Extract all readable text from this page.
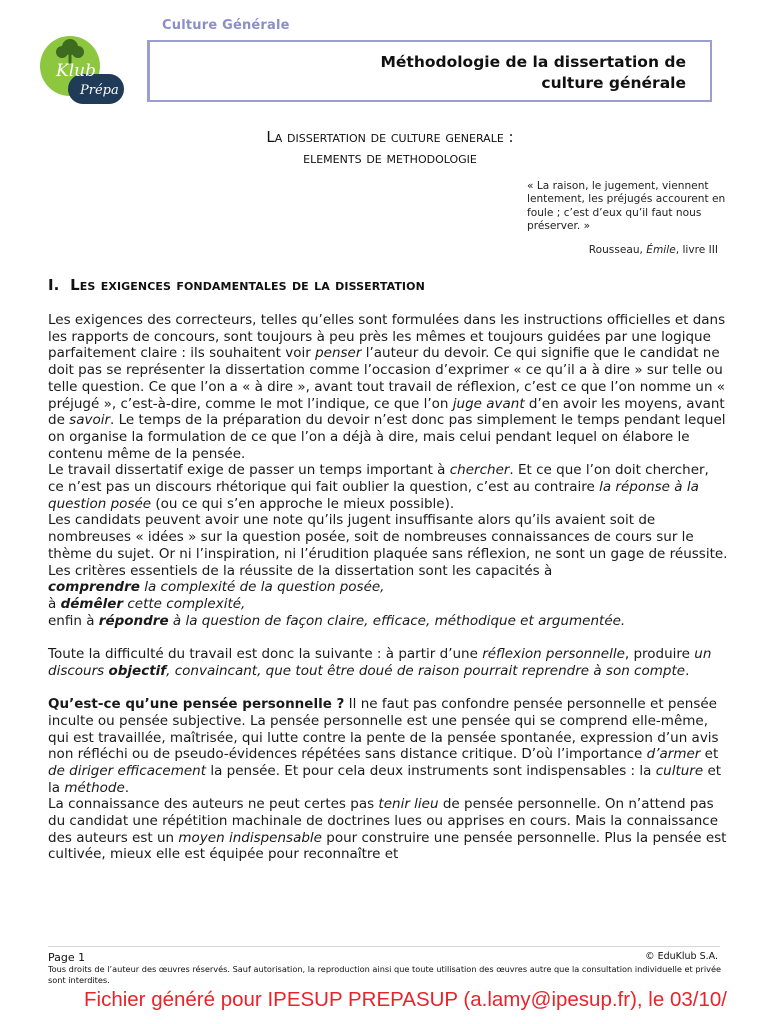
Culture Générale
Klub
Prépa
Méthodologie de la dissertation de
culture générale
La dissertation de culture generale :
elements de methodologie
« La raison, le jugement, viennent lentement, les préjugés accourent en foule ; c’est d’eux qu’il faut nous préserver. »
Rousseau, Émile, livre III
I. Les exigences fondamentales de la dissertation

Les exigences des correcteurs, telles qu’elles sont formulées dans les instructions officielles et dans les rapports de concours, sont toujours à peu près les mêmes et toujours guidées par une logique parfaitement claire : ils souhaitent voir penser l’auteur du devoir. Ce qui signifie que le candidat ne doit pas se représenter la dissertation comme l’occasion d’exprimer « ce qu’il a à dire » sur telle ou telle question. Ce que l’on a « à dire », avant tout travail de réflexion, c’est ce que l’on nomme un « préjugé », c’est-à-dire, comme le mot l’indique, ce que l’on juge avant d’en avoir les moyens, avant de savoir. Le temps de la préparation du devoir n’est donc pas simplement le temps pendant lequel on organise la formulation de ce que l’on a déjà à dire, mais celui pendant lequel on élabore le contenu même de la pensée.

Le travail dissertatif exige de passer un temps important à chercher. Et ce que l’on doit chercher, ce n’est pas un discours rhétorique qui fait oublier la question, c’est au contraire la réponse à la question posée (ou ce qui s’en approche le mieux possible).

Les candidats peuvent avoir une note qu’ils jugent insuffisante alors qu’ils avaient soit de nombreuses « idées » sur la question posée, soit de nombreuses connaissances de cours sur le thème du sujet. Or ni l’inspiration, ni l’érudition plaquée sans réflexion, ne sont un gage de réussite.

Les critères essentiels de la réussite de la dissertation sont les capacités à

comprendre la complexité de la question posée,

à démêler cette complexité,

enfin à répondre à la question de façon claire, efficace, méthodique et argumentée.

Toute la difficulté du travail est donc la suivante : à partir d’une réflexion personnelle, produire un discours objectif, convaincant, que tout être doué de raison pourrait reprendre à son compte.

Qu’est-ce qu’une pensée personnelle ? Il ne faut pas confondre pensée personnelle et pensée inculte ou pensée subjective. La pensée personnelle est une pensée qui se comprend elle-même, qui est travaillée, maîtrisée, qui lutte contre la pente de la pensée spontanée, expression d’un avis non réfléchi ou de pseudo-évidences répétées sans distance critique. D’où l’importance d’armer et de diriger efficacement la pensée. Et pour cela deux instruments sont indispensables : la culture et la méthode.

La connaissance des auteurs ne peut certes pas tenir lieu de pensée personnelle. On n’attend pas du candidat une répétition machinale de doctrines lues ou apprises en cours. Mais la connaissance des auteurs est un moyen indispensable pour construire une pensée personnelle. Plus la pensée est cultivée, mieux elle est équipée pour reconnaître et

Page 1	© EduKlub S.A.
Tous droits de l’auteur des œuvres réservés. Sauf autorisation, la reproduction ainsi que toute utilisation des œuvres autre que la consultation individuelle et privée sont interdites.
Fichier généré pour IPESUP PREPASUP (a.lamy@ipesup.fr), le 03/10/
